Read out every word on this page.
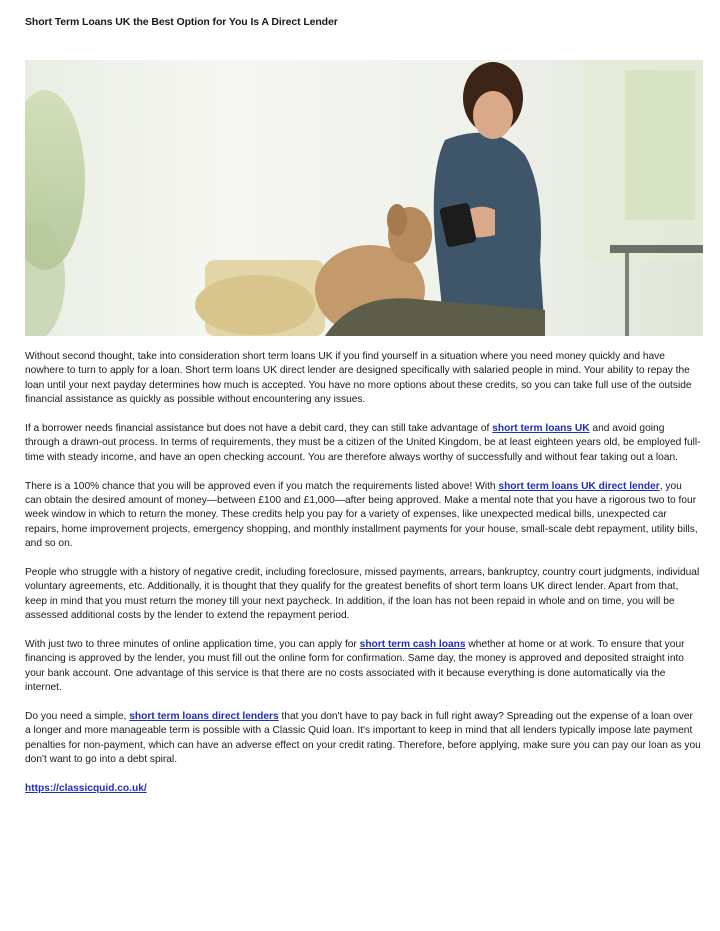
Short Term Loans UK the Best Option for You Is A Direct Lender

Without second thought, take into consideration short term loans UK if you find yourself in a situation where you need money quickly and have nowhere to turn to apply for a loan. Short term loans UK direct lender are designed specifically with salaried people in mind. Your ability to repay the loan until your next payday determines how much is accepted. You have no more options about these credits, so you can take full use of the outside financial assistance as quickly as possible without encountering any issues.

If a borrower needs financial assistance but does not have a debit card, they can still take advantage of short term loans UK and avoid going through a drawn-out process. In terms of requirements, they must be a citizen of the United Kingdom, be at least eighteen years old, be employed full-time with steady income, and have an open checking account. You are therefore always worthy of successfully and without fear taking out a loan.

There is a 100% chance that you will be approved even if you match the requirements listed above! With short term loans UK direct lender, you can obtain the desired amount of money—between £100 and £1,000—after being approved. Make a mental note that you have a rigorous two to four week window in which to return the money. These credits help you pay for a variety of expenses, like unexpected medical bills, unexpected car repairs, home improvement projects, emergency shopping, and monthly installment payments for your house, small-scale debt repayment, utility bills, and so on.

People who struggle with a history of negative credit, including foreclosure, missed payments, arrears, bankruptcy, country court judgments, individual voluntary agreements, etc. Additionally, it is thought that they qualify for the greatest benefits of short term loans UK direct lender. Apart from that, keep in mind that you must return the money till your next paycheck. In addition, if the loan has not been repaid in whole and on time, you will be assessed additional costs by the lender to extend the repayment period.

With just two to three minutes of online application time, you can apply for short term cash loans whether at home or at work. To ensure that your financing is approved by the lender, you must fill out the online form for confirmation. Same day, the money is approved and deposited straight into your bank account. One advantage of this service is that there are no costs associated with it because everything is done automatically via the internet.

Do you need a simple, short term loans direct lenders that you don't have to pay back in full right away? Spreading out the expense of a loan over a longer and more manageable term is possible with a Classic Quid loan. It's important to keep in mind that all lenders typically impose late payment penalties for non-payment, which can have an adverse effect on your credit rating. Therefore, before applying, make sure you can pay our loan as you don't want to go into a debt spiral.

https://classicquid.co.uk/
